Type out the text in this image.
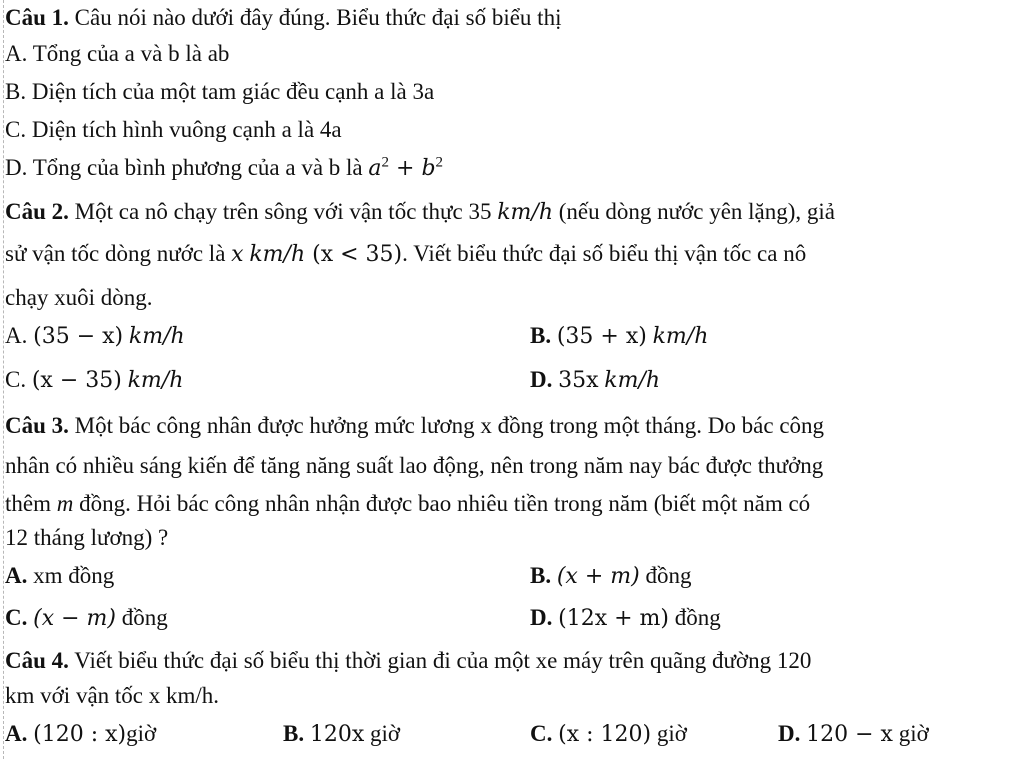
Câu 1. Câu nói nào dưới đây đúng. Biểu thức đại số biểu thị
A. Tổng của a và b là ab
B. Diện tích của một tam giác đều cạnh a là 3a
C. Diện tích hình vuông cạnh a là 4a
D. Tổng của bình phương của a và b là $a^2 + b^2$
Câu 2. Một ca nô chạy trên sông với vận tốc thực 35 km/h (nếu dòng nước yên lặng), giả
sử vận tốc dòng nước là x km/h (x < 35). Viết biểu thức đại số biểu thị vận tốc ca nô
chạy xuôi dòng.
A. (35 − x) km/h	B. (35 + x) km/h
C. (x − 35) km/h	D. 35x km/h
Câu 3. Một bác công nhân được hưởng mức lương x đồng trong một tháng. Do bác công
nhân có nhiều sáng kiến để tăng năng suất lao động, nên trong năm nay bác được thưởng
thêm m đồng. Hỏi bác công nhân nhận được bao nhiêu tiền trong năm (biết một năm có
12 tháng lương) ?
A. xm đồng	B. (x + m) đồng
C. (x − m) đồng	D. (12x + m) đồng
Câu 4. Viết biểu thức đại số biểu thị thời gian đi của một xe máy trên quãng đường 120
km với vận tốc x km/h.
A. (120 : x)giờ	B. 120x giờ	C. (x : 120) giờ	D. 120 − x giờ
